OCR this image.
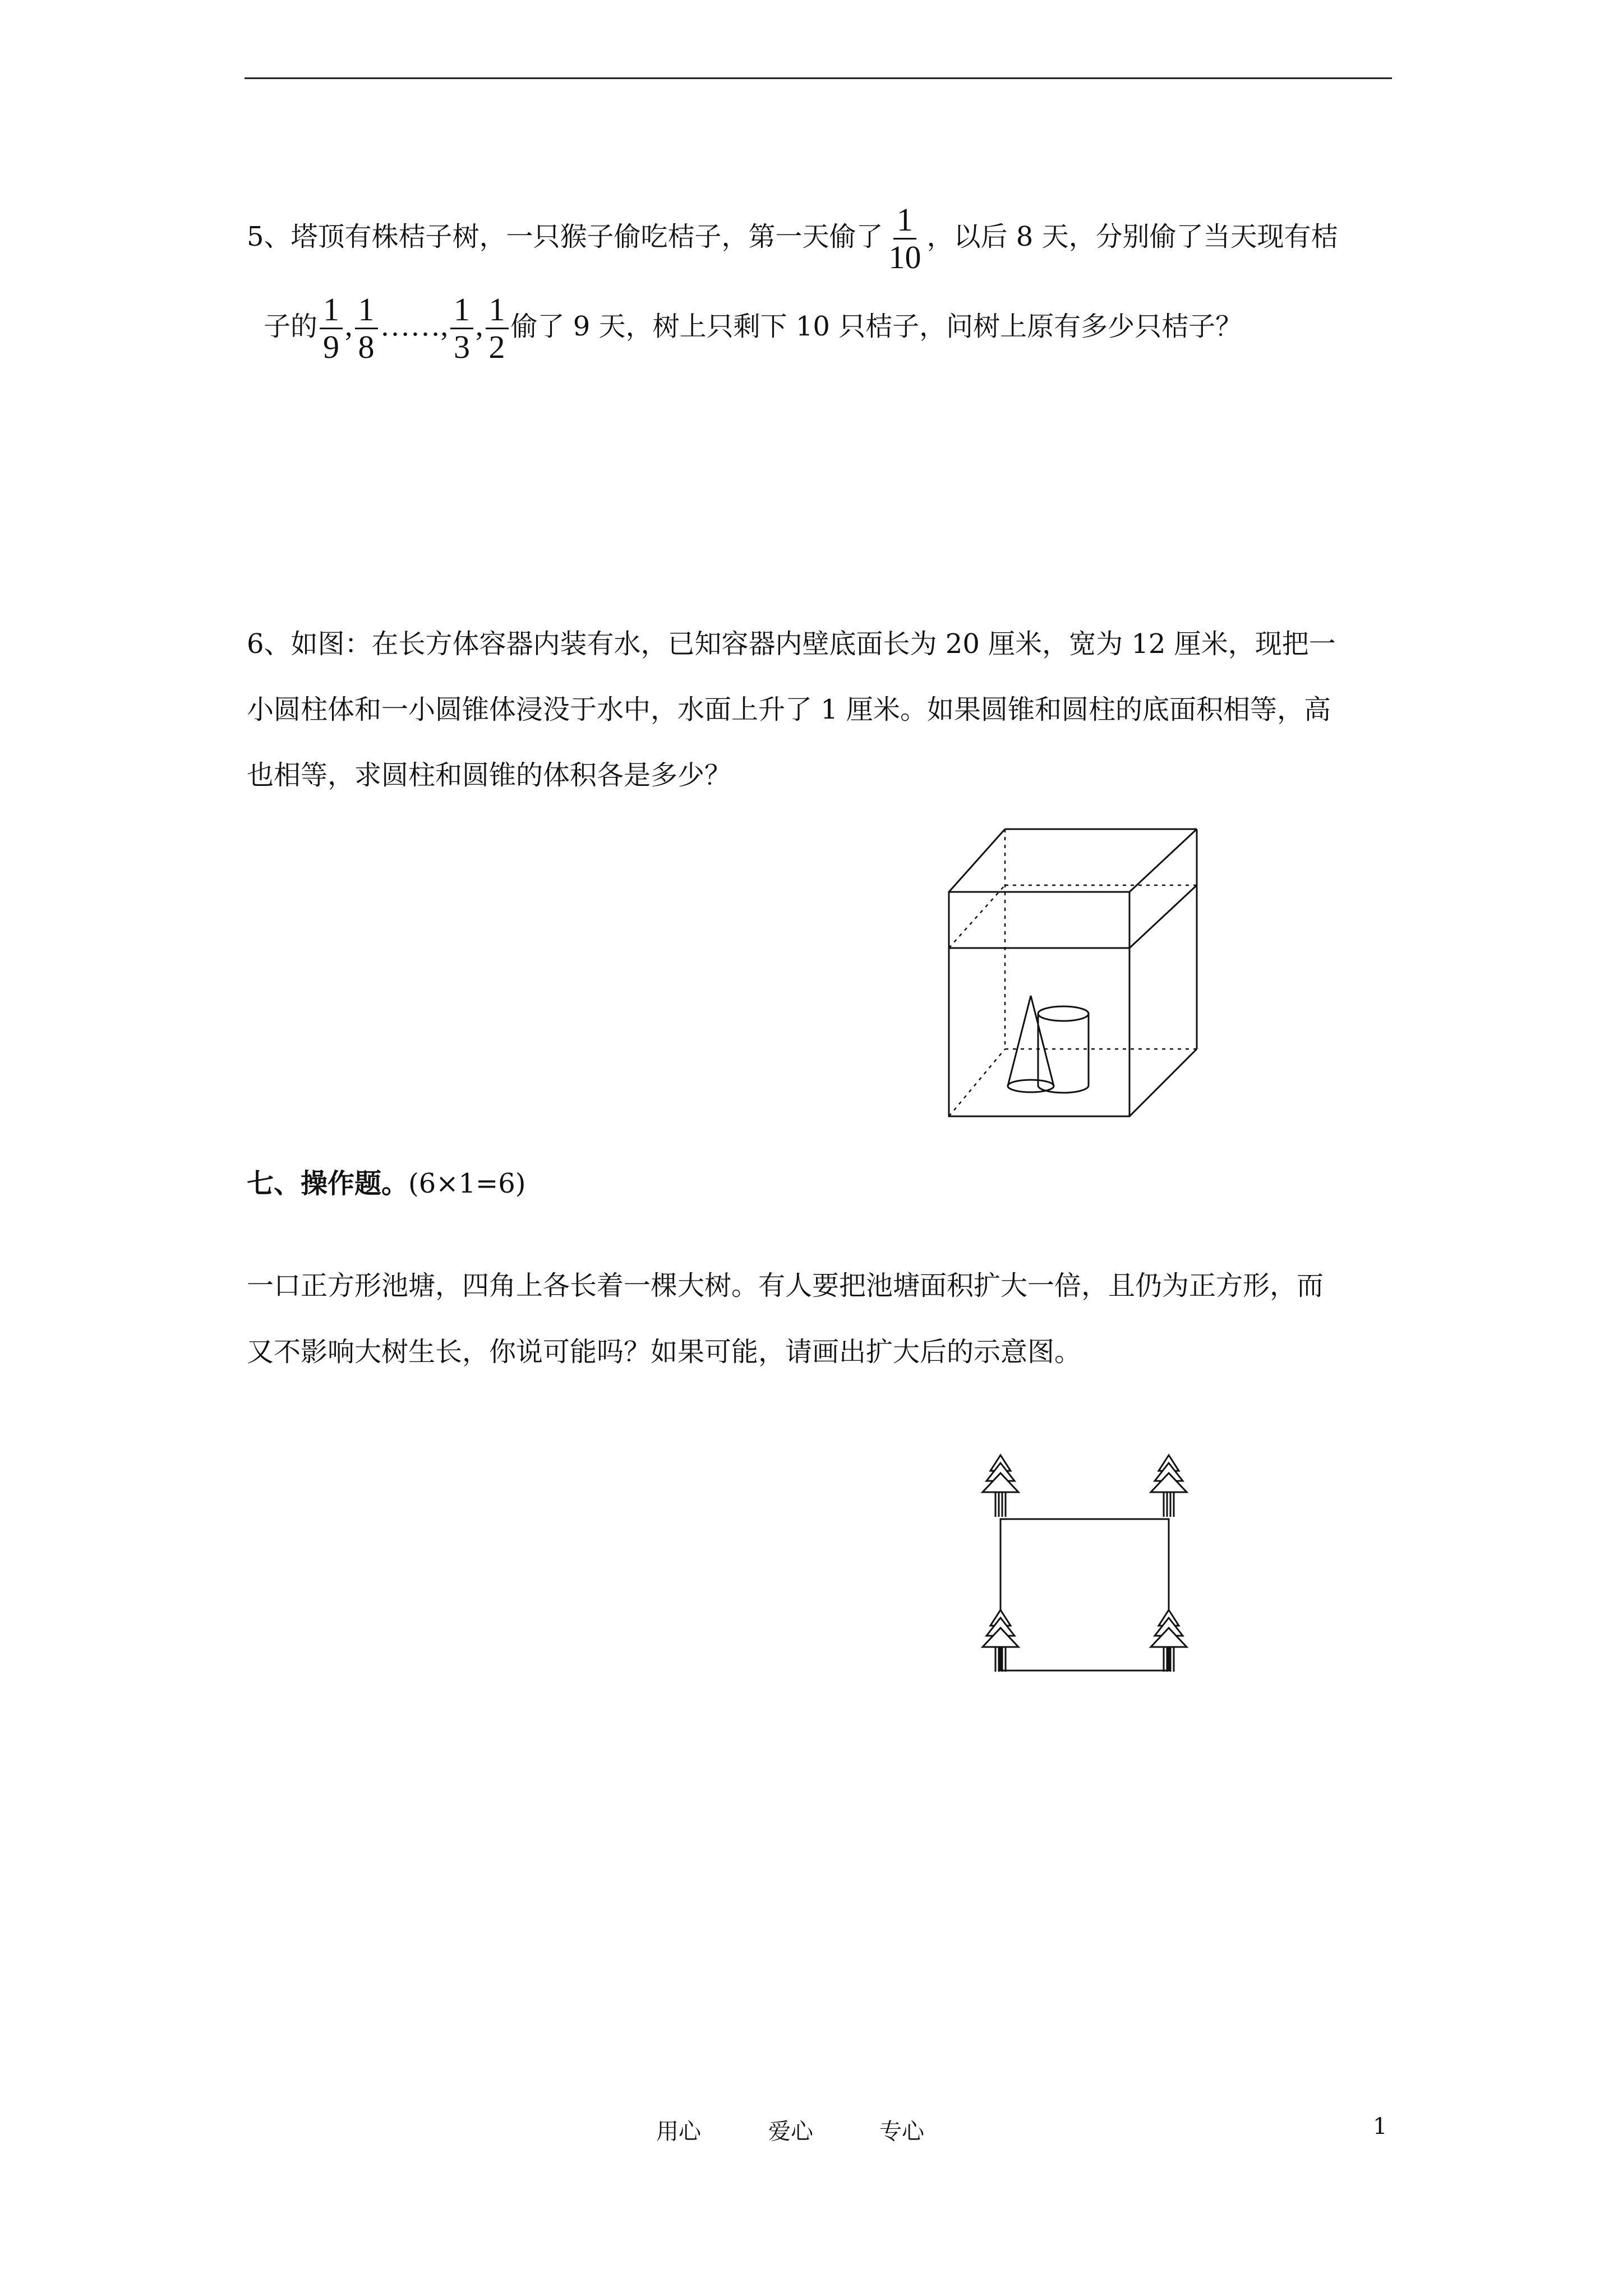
5、塔顶有株桔子树，一只猴子偷吃桔子，第一天偷了 $\frac{1}{10}$ ，以后 8 天，分别偷了当天现有桔
子的 $\frac{1}{9}$ , $\frac{1}{8}$ ……, $\frac{1}{3}$ , $\frac{1}{2}$ 偷了 9 天，树上只剩下 10 只桔子，问树上原有多少只桔子？
6、如图：在长方体容器内装有水，已知容器内壁底面长为 20 厘米，宽为 12 厘米，现把一
小圆柱体和一小圆锥体浸没于水中，水面上升了 1 厘米。如果圆锥和圆柱的底面积相等，高
也相等，求圆柱和圆锥的体积各是多少？
七、操作题。(6×1=6)
一口正方形池塘，四角上各长着一棵大树。有人要把池塘面积扩大一倍，且仍为正方形，而
又不影响大树生长，你说可能吗？如果可能，请画出扩大后的示意图。
用心	爱心	专心	1
